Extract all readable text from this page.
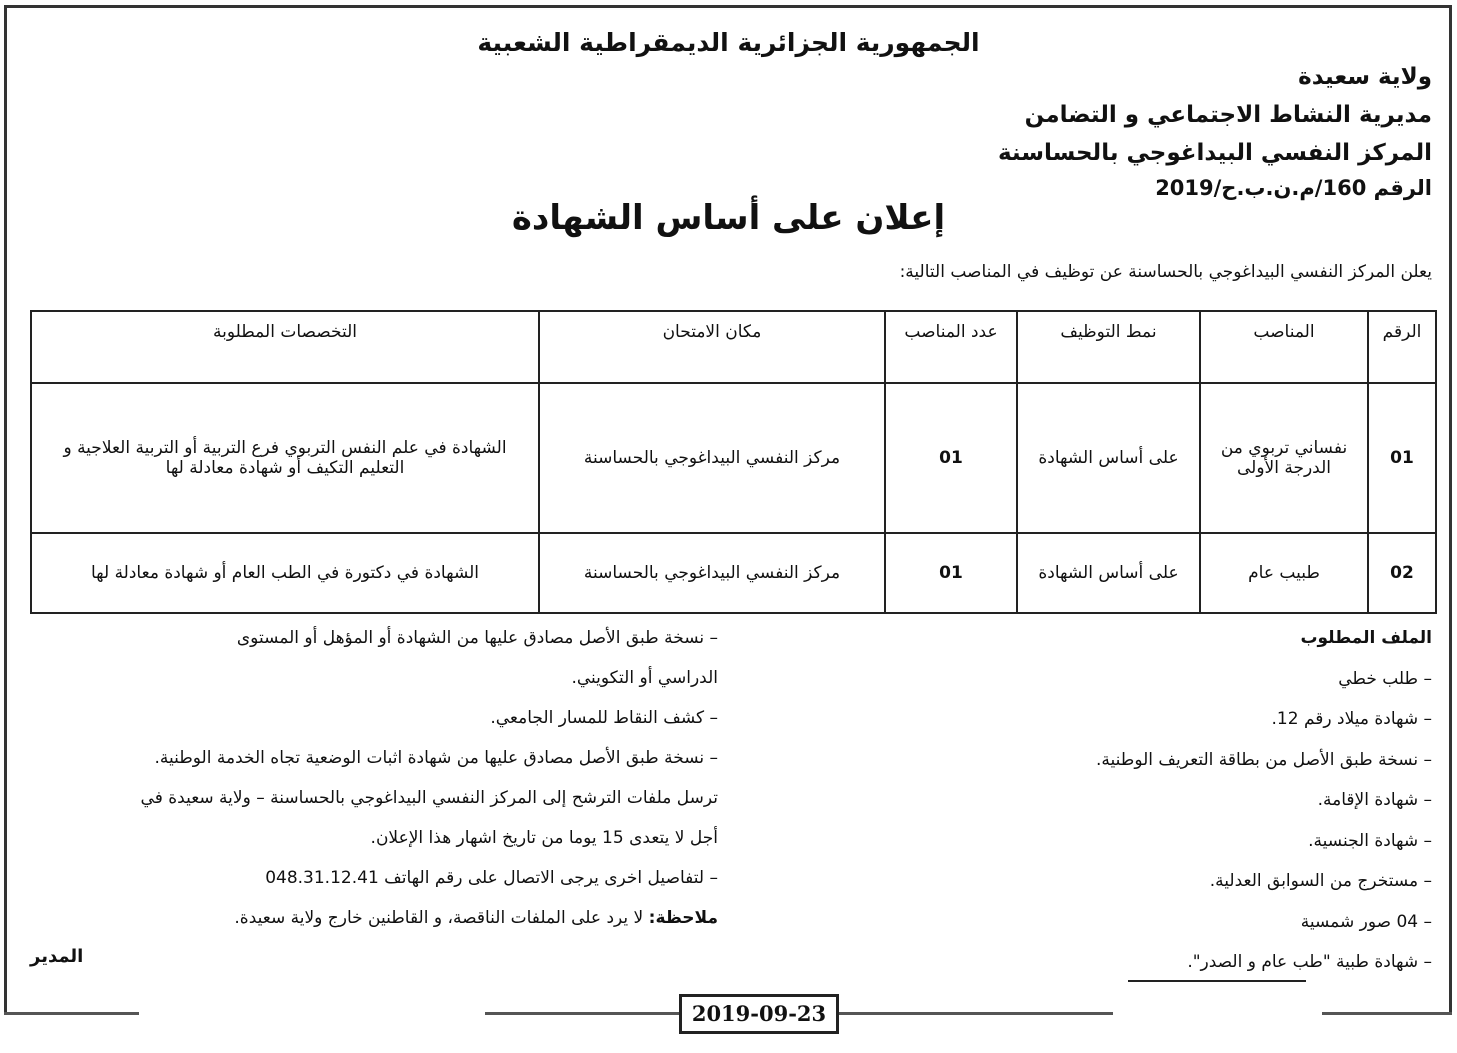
الجمهورية الجزائرية الديمقراطية الشعبية
ولاية سعيدة
مديرية النشاط الاجتماعي و التضامن
المركز النفسي البيداغوجي بالحساسنة
الرقم 160/م.ن.ب.ح/2019
إعلان على أساس الشهادة
يعلن المركز النفسي البيداغوجي بالحساسنة عن توظيف في المناصب التالية:
الرقم	المناصب	نمط التوظيف	عدد المناصب	مكان الامتحان	التخصصات المطلوبة
01	نفساني تربوي من الدرجة الأولى	على أساس الشهادة	01	مركز النفسي البيداغوجي بالحساسنة	الشهادة في علم النفس التربوي فرع التربية أو التربية العلاجية و التعليم التكيف أو شهادة معادلة لها
02	طبيب عام	على أساس الشهادة	01	مركز النفسي البيداغوجي بالحساسنة	الشهادة في دكتورة في الطب العام أو شهادة معادلة لها
الملف المطلوب
– طلب خطي
– شهادة ميلاد رقم 12.
– نسخة طبق الأصل من بطاقة التعريف الوطنية.
– شهادة الإقامة.
– شهادة الجنسية.
– مستخرج من السوابق العدلية.
– 04 صور شمسية
– شهادة طبية "طب عام و الصدر".
– نسخة طبق الأصل مصادق عليها من الشهادة أو المؤهل أو المستوى
الدراسي أو التكويني.
– كشف النقاط للمسار الجامعي.
– نسخة طبق الأصل مصادق عليها من شهادة اثبات الوضعية تجاه الخدمة الوطنية.
ترسل ملفات الترشح إلى المركز النفسي البيداغوجي بالحساسنة – ولاية سعيدة في
أجل لا يتعدى 15 يوما من تاريخ اشهار هذا الإعلان.
– لتفاصيل اخرى يرجى الاتصال على رقم الهاتف 048.31.12.41
ملاحظة: لا يرد على الملفات الناقصة، و القاطنين خارج ولاية سعيدة.
المدير
2019-09-23
